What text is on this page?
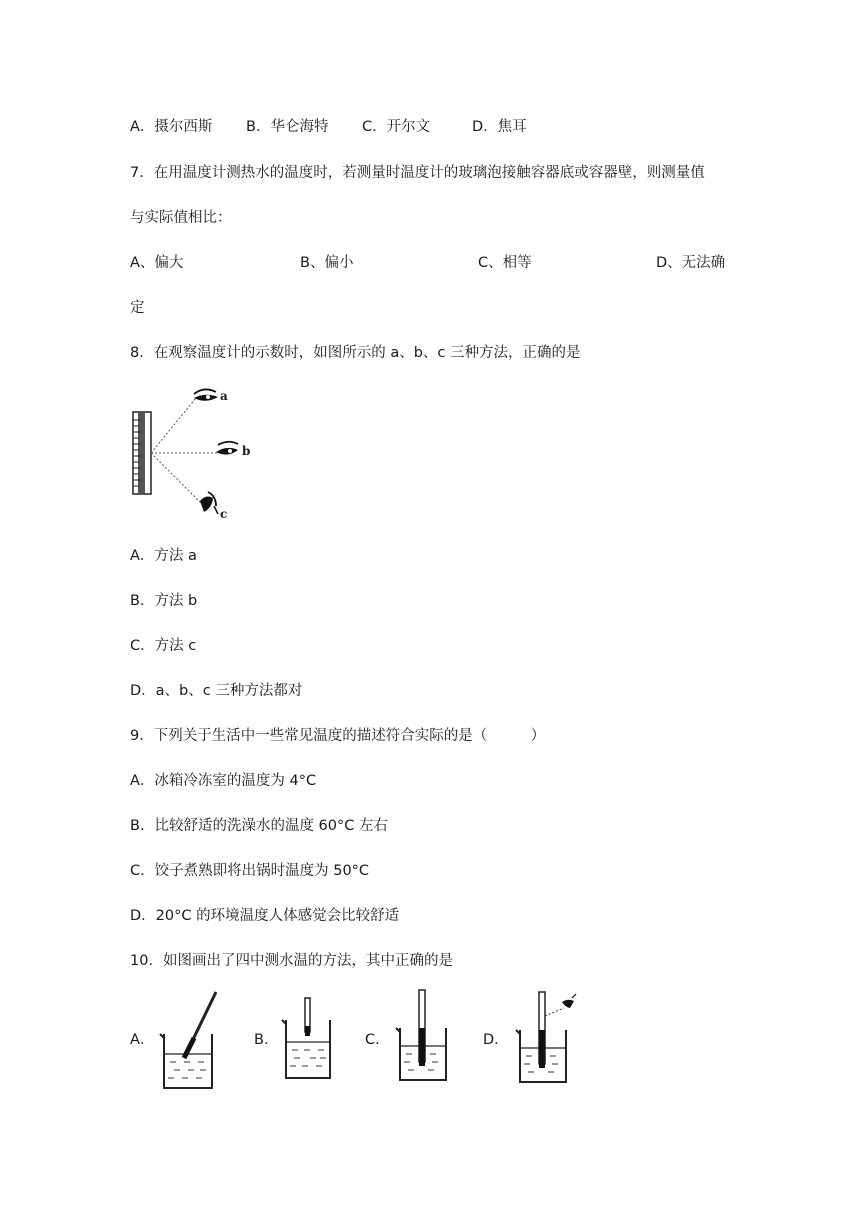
A．摄尔西斯 B．华仑海特 C．开尔文	D．焦耳
7．在用温度计测热水的温度时，若测量时温度计的玻璃泡接触容器底或容器壁，则测量值
与实际值相比：
A、偏大	B、偏小	C、相等	D、无法确
定
8．在观察温度计的示数时，如图所示的 a、b、c 三种方法，正确的是
a
b
c
A．方法 a
B．方法 b
C．方法 c
D．a、b、c 三种方法都对
9．下列关于生活中一些常见温度的描述符合实际的是（　　　）
A．冰箱冷冻室的温度为 4°C
B．比较舒适的洗澡水的温度 60°C 左右
C．饺子煮熟即将出锅时温度为 50°C
D．20°C 的环境温度人体感觉会比较舒适
10．如图画出了四中测水温的方法，其中正确的是
A．	B．	C．	D．
